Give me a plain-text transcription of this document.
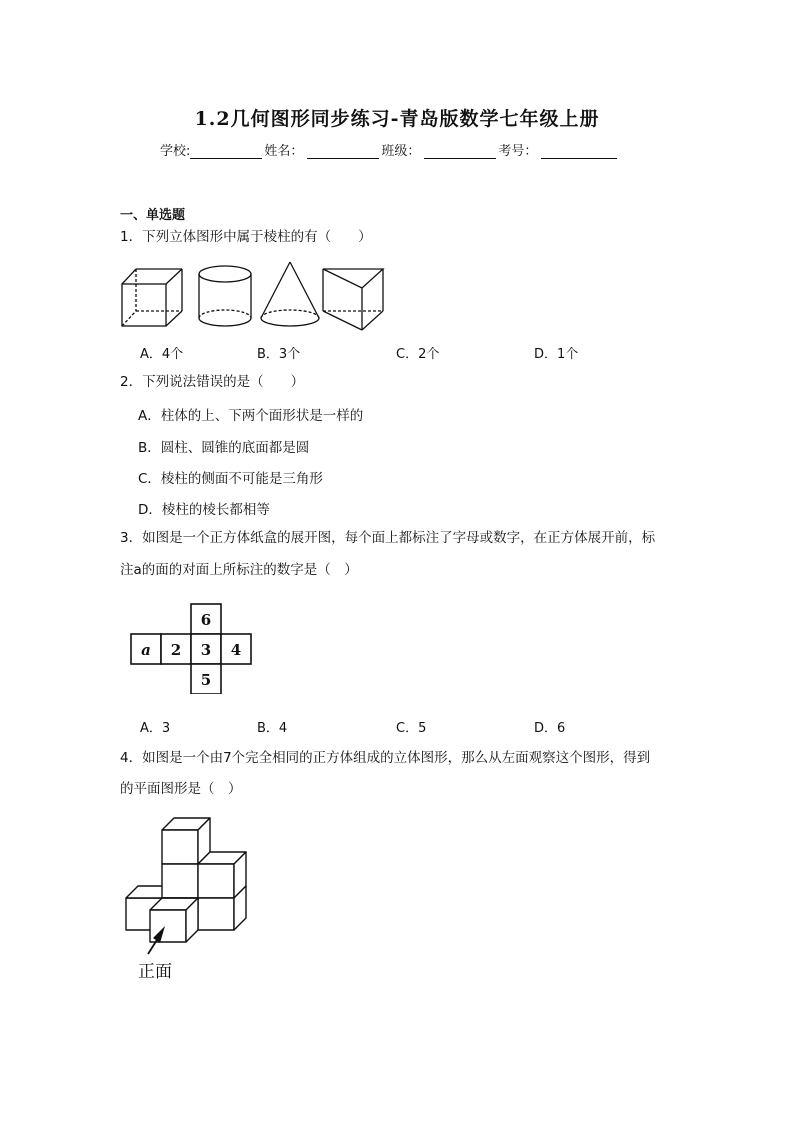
1.2几何图形同步练习-青岛版数学七年级上册
学校:	姓名：	班级：	考号：
一、单选题
1．下列立体图形中属于棱柱的有（　　）
A．4个	B．3个	C．2个	D．1个
2．下列说法错误的是（　　）
A．柱体的上、下两个面形状是一样的
B．圆柱、圆锥的底面都是圆
C．棱柱的侧面不可能是三角形
D．棱柱的棱长都相等
3．如图是一个正方体纸盒的展开图，每个面上都标注了字母或数字，在正方体展开前，标
注a的面的对面上所标注的数字是（　）
6
a 2 3 4
5
A．3	B．4	C．5	D．6
4．如图是一个由7个完全相同的正方体组成的立体图形，那么从左面观察这个图形，得到
的平面图形是（　）
正面
